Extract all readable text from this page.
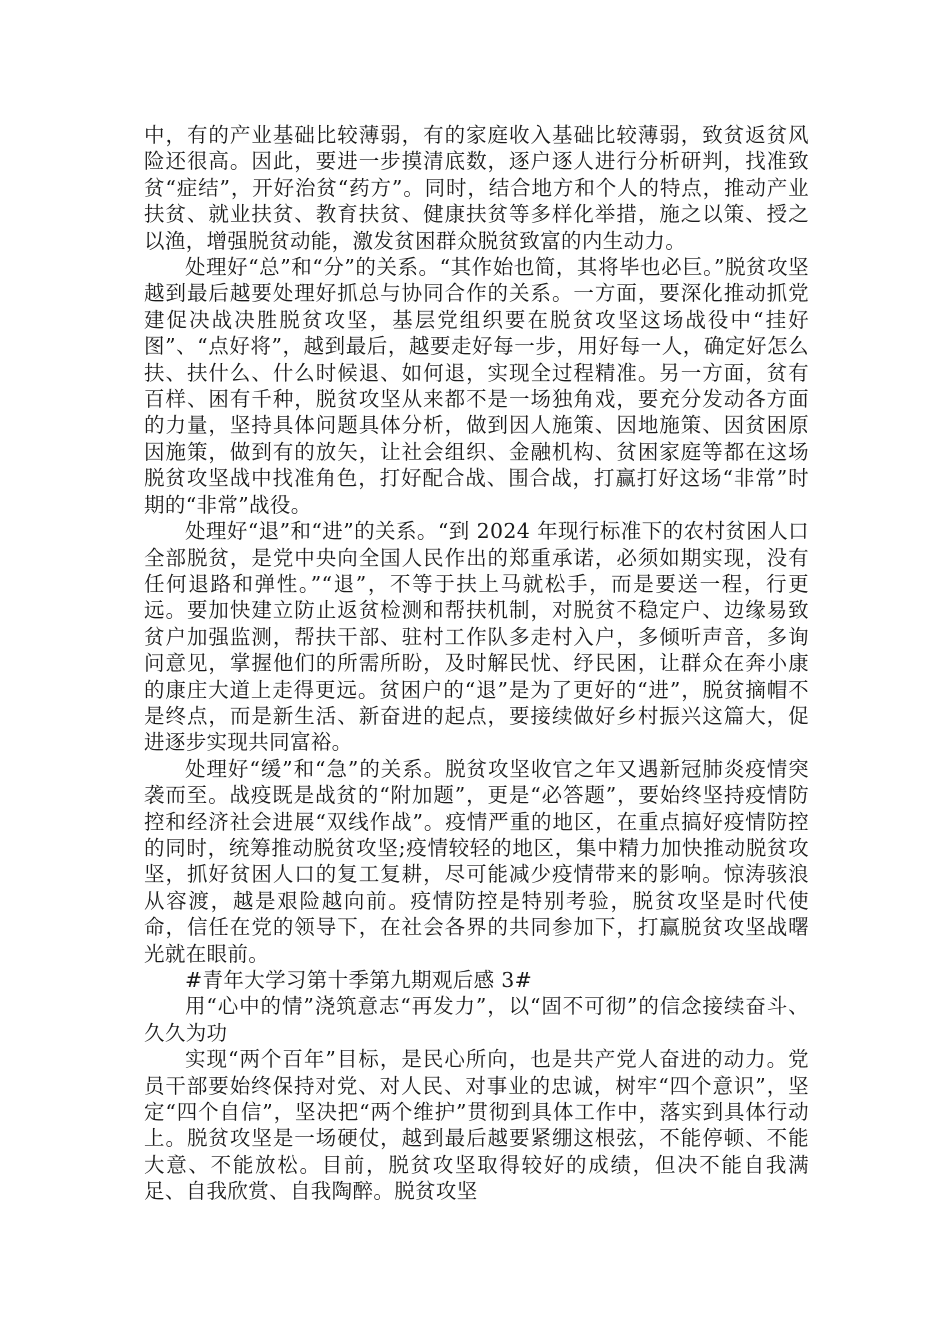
中，有的产业基础比较薄弱，有的家庭收入基础比较薄弱，致贫返贫风险还很高。因此，要进一步摸清底数，逐户逐人进行分析研判，找准致贫“症结”，开好治贫“药方”。同时，结合地方和个人的特点，推动产业扶贫、就业扶贫、教育扶贫、健康扶贫等多样化举措，施之以策、授之以渔，增强脱贫动能，激发贫困群众脱贫致富的内生动力。

处理好“总”和“分”的关系。“其作始也简，其将毕也必巨。”脱贫攻坚越到最后越要处理好抓总与协同合作的关系。一方面，要深化推动抓党建促决战决胜脱贫攻坚，基层党组织要在脱贫攻坚这场战役中“挂好图”、“点好将”，越到最后，越要走好每一步，用好每一人，确定好怎么扶、扶什么、什么时候退、如何退，实现全过程精准。另一方面，贫有百样、困有千种，脱贫攻坚从来都不是一场独角戏，要充分发动各方面的力量，坚持具体问题具体分析，做到因人施策、因地施策、因贫困原因施策，做到有的放矢，让社会组织、金融机构、贫困家庭等都在这场脱贫攻坚战中找准角色，打好配合战、围合战，打赢打好这场“非常”时期的“非常”战役。

处理好“退”和“进”的关系。“到 2024 年现行标准下的农村贫困人口全部脱贫，是党中央向全国人民作出的郑重承诺，必须如期实现，没有任何退路和弹性。”“退”，不等于扶上马就松手，而是要送一程，行更远。要加快建立防止返贫检测和帮扶机制，对脱贫不稳定户、边缘易致贫户加强监测，帮扶干部、驻村工作队多走村入户，多倾听声音，多询问意见，掌握他们的所需所盼，及时解民忧、纾民困，让群众在奔小康的康庄大道上走得更远。贫困户的“退”是为了更好的“进”，脱贫摘帽不是终点，而是新生活、新奋进的起点，要接续做好乡村振兴这篇大，促进逐步实现共同富裕。

处理好“缓”和“急”的关系。脱贫攻坚收官之年又遇新冠肺炎疫情突袭而至。战疫既是战贫的“附加题”，更是“必答题”，要始终坚持疫情防控和经济社会进展“双线作战”。疫情严重的地区，在重点搞好疫情防控的同时，统筹推动脱贫攻坚;疫情较轻的地区，集中精力加快推动脱贫攻坚，抓好贫困人口的复工复耕，尽可能减少疫情带来的影响。惊涛骇浪从容渡，越是艰险越向前。疫情防控是特别考验，脱贫攻坚是时代使命，信任在党的领导下，在社会各界的共同参加下，打赢脱贫攻坚战曙光就在眼前。

#青年大学习第十季第九期观后感 3#

用“心中的情”浇筑意志“再发力”，以“固不可彻”的信念接续奋斗、久久为功

实现“两个百年”目标，是民心所向，也是共产党人奋进的动力。党员干部要始终保持对党、对人民、对事业的忠诚，树牢“四个意识”，坚定“四个自信”，坚决把“两个维护”贯彻到具体工作中，落实到具体行动上。脱贫攻坚是一场硬仗，越到最后越要紧绷这根弦，不能停顿、不能大意、不能放松。目前，脱贫攻坚取得较好的成绩，但决不能自我满足、自我欣赏、自我陶醉。脱贫攻坚
